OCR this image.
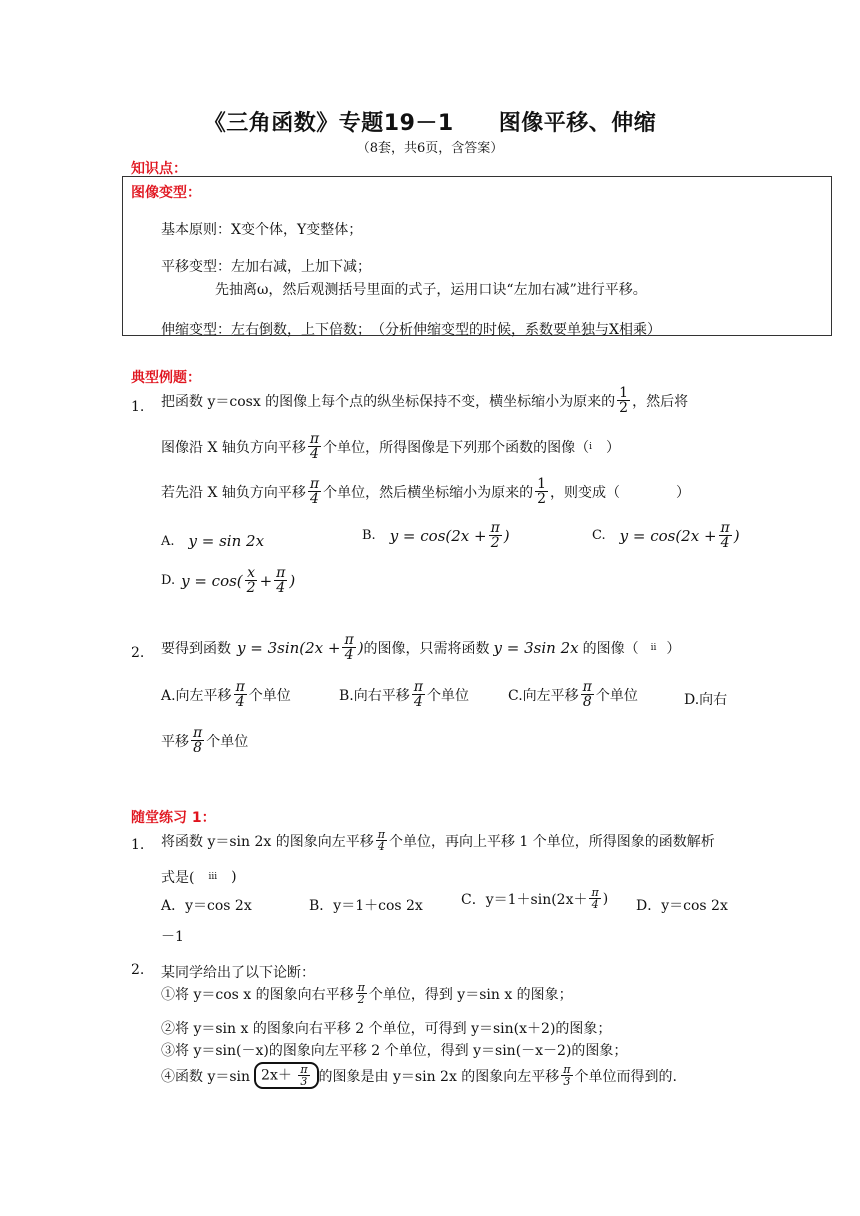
《三角函数》专题19－1　　图像平移、伸缩
（8套，共6页，含答案）
知识点：
图像变型：
基本原则：X变个体，Y变整体；
平移变型：左加右减，上加下减；
先抽离ω，然后观测括号里面的式子，运用口诀“左加右减”进行平移。
伸缩变型：左右倒数，上下倍数；　（分析伸缩变型的时候，系数要单独与X相乘）
典型例题：
1. 把函数 y＝cosx 的图像上每个点的纵坐标保持不变，横坐标缩小为原来的 $\frac{1}{2}$ ，然后将
图像沿 X 轴负方向平移 $\frac{\pi}{4}$ 个单位，所得图像是下列那个函数的图像（ i ）
若先沿 X 轴负方向平移 $\frac{\pi}{4}$ 个单位，然后横坐标缩小为原来的 $\frac{1}{2}$ ，则变成（　　　　）
A. y = sin 2x	B. $y = \cos(2x + \frac{\pi}{2}$ )	C. $y = \cos(2x + \frac{\pi}{4}$ )
D. $y = \cos( \frac{x}{2} + \frac{\pi}{4}$ )
2. 要得到函数 $y = 3\sin(2x + \frac{\pi}{4}$ ) 的图像，只需将函数 y = 3sin 2x 的图像（ ii ）
A.向左平移 $\frac{\pi}{4}$ 个单位	B.向右平移 $\frac{\pi}{4}$ 个单位	C.向左平移 $\frac{\pi}{8}$ 个单位	D.向右
平移 $\frac{\pi}{8}$ 个单位
随堂练习 1：
1. 将函数 y＝sin 2x 的图象向左平移 $\frac{\pi}{4}$ 个单位，再向上平移 1 个单位，所得图象的函数解析
式是( iii )
A．y＝cos 2x	B．y＝1＋cos 2x	C．$y=1+\sin(2x+ \frac{\pi}{4}$ ) D．y＝cos 2x
－1
2. 某同学给出了以下论断：
①将 y＝cos x 的图象向右平移 $\frac{\pi}{2}$ 个单位，得到 y＝sin x 的图象；
②将 y＝sin x 的图象向右平移 2 个单位，可得到 y＝sin(x＋2)的图象；
③将 y＝sin(－x)的图象向左平移 2 个单位，得到 y＝sin(－x－2)的图象；
④函数 y＝sin $2x+ \frac{\pi}{3}$ 的图象是由 y＝sin 2x 的图象向左平移 $\frac{\pi}{3}$ 个单位而得到的.
